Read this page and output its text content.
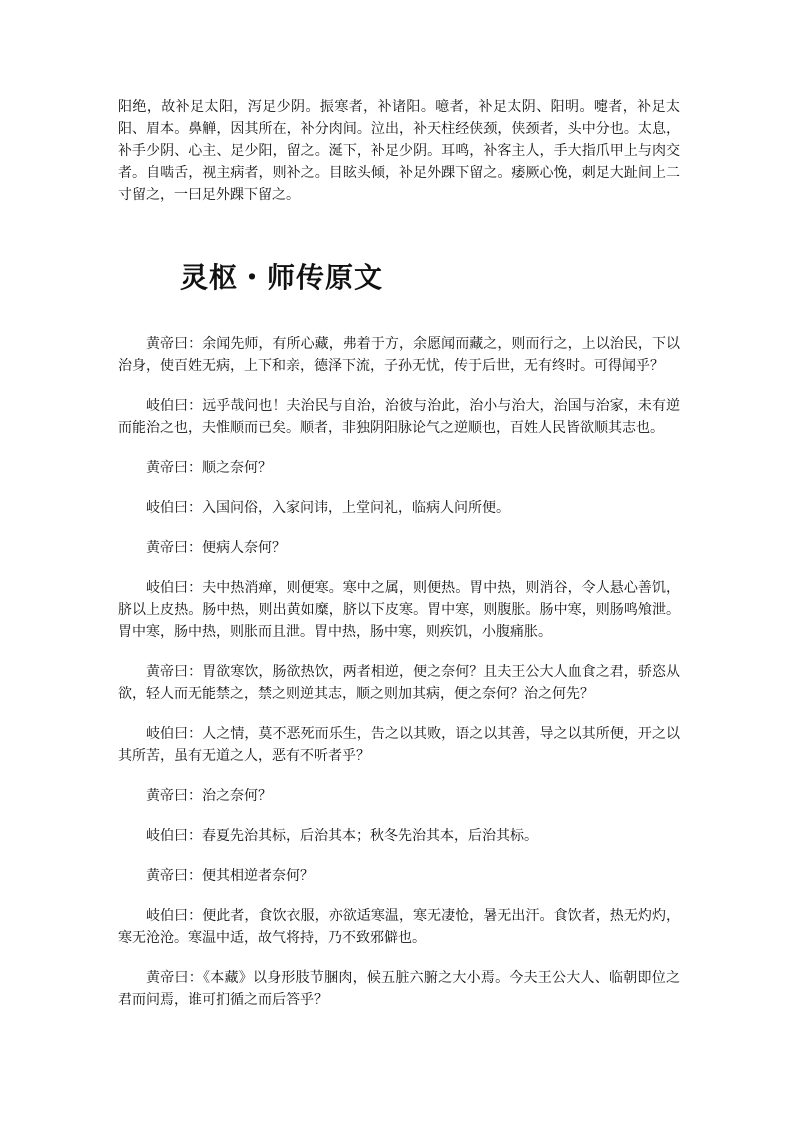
阳绝，故补足太阳，泻足少阴。振寒者，补诸阳。噫者，补足太阴、阳明。嚏者，补足太阳、眉本。鼻觯，因其所在，补分肉间。泣出，补天柱经侠颈，侠颈者，头中分也。太息，补手少阴、心主、足少阳，留之。涎下，补足少阴。耳鸣，补客主人，手大指爪甲上与肉交者。自啮舌，视主病者，则补之。目眩头倾，补足外踝下留之。痿厥心悗，刺足大趾间上二寸留之，一曰足外踝下留之。

灵枢・师传原文

黄帝曰：余闻先师，有所心藏，弗着于方，余愿闻而藏之，则而行之，上以治民，下以治身，使百姓无病，上下和亲，德泽下流，子孙无忧，传于后世，无有终时。可得闻乎？

岐伯曰：远乎哉问也！夫治民与自治，治彼与治此，治小与治大，治国与治家，未有逆而能治之也，夫惟顺而已矣。顺者，非独阴阳脉论气之逆顺也，百姓人民皆欲顺其志也。

黄帝曰：顺之奈何？

岐伯曰：入国问俗，入家问讳，上堂问礼，临病人问所便。

黄帝曰：便病人奈何？

岐伯曰：夫中热消瘅，则便寒。寒中之属，则便热。胃中热，则消谷，令人悬心善饥，脐以上皮热。肠中热，则出黄如糜，脐以下皮寒。胃中寒，则腹胀。肠中寒，则肠鸣飧泄。胃中寒，肠中热，则胀而且泄。胃中热，肠中寒，则疾饥，小腹痛胀。

黄帝曰：胃欲寒饮，肠欲热饮，两者相逆，便之奈何？且夫王公大人血食之君，骄恣从欲，轻人而无能禁之，禁之则逆其志，顺之则加其病，便之奈何？治之何先？

岐伯曰：人之情，莫不恶死而乐生，告之以其败，语之以其善，导之以其所便，开之以其所苦，虽有无道之人，恶有不听者乎？

黄帝曰：治之奈何？

岐伯曰：春夏先治其标，后治其本；秋冬先治其本，后治其标。

黄帝曰：便其相逆者奈何？

岐伯曰：便此者，食饮衣服，亦欲适寒温，寒无凄怆，暑无出汗。食饮者，热无灼灼，寒无沧沧。寒温中适，故气将持，乃不致邪僻也。

黄帝曰：《本藏》以身形肢节䐃肉，候五脏六腑之大小焉。今夫王公大人、临朝即位之君而问焉，谁可扪循之而后答乎？
